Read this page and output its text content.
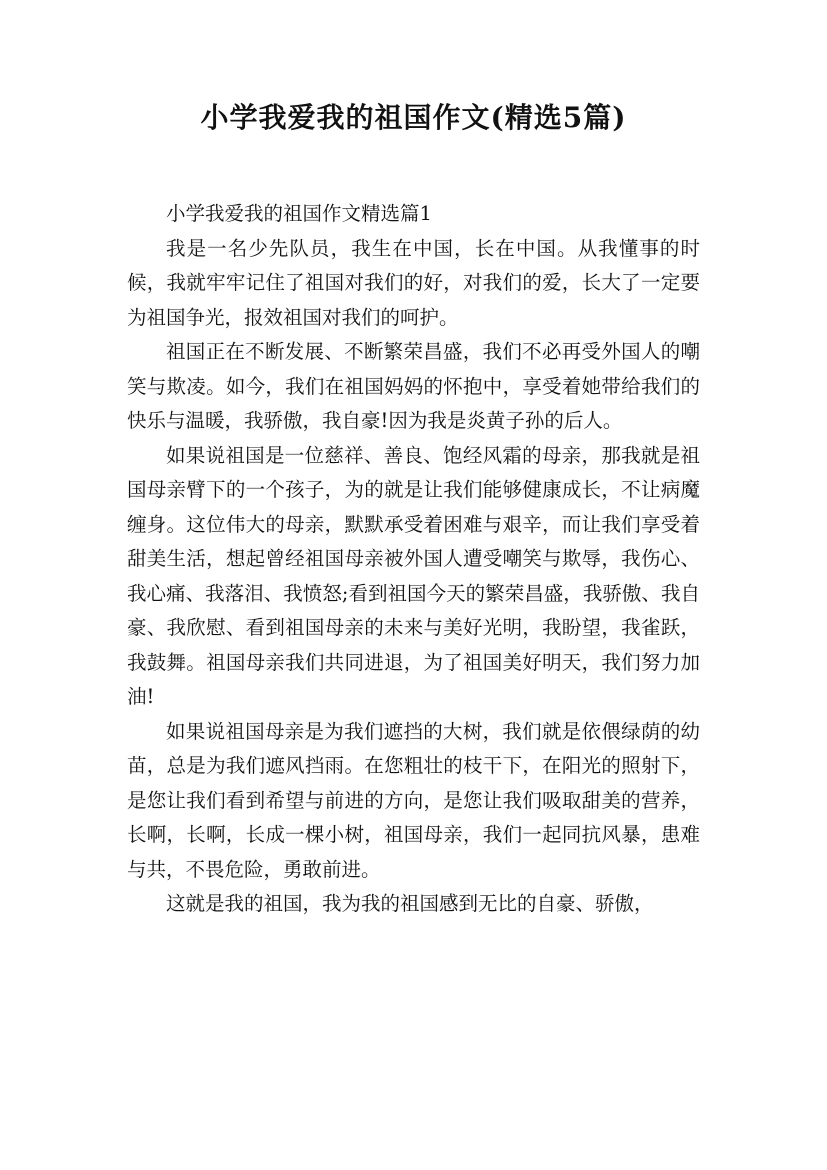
小学我爱我的祖国作文(精选5篇)

小学我爱我的祖国作文精选篇1

我是一名少先队员，我生在中国，长在中国。从我懂事的时候，我就牢牢记住了祖国对我们的好，对我们的爱，长大了一定要为祖国争光，报效祖国对我们的呵护。

祖国正在不断发展、不断繁荣昌盛，我们不必再受外国人的嘲笑与欺凌。如今，我们在祖国妈妈的怀抱中，享受着她带给我们的快乐与温暖，我骄傲，我自豪!因为我是炎黄子孙的后人。

如果说祖国是一位慈祥、善良、饱经风霜的母亲，那我就是祖国母亲臂下的一个孩子，为的就是让我们能够健康成长，不让病魔缠身。这位伟大的母亲，默默承受着困难与艰辛，而让我们享受着甜美生活，想起曾经祖国母亲被外国人遭受嘲笑与欺辱，我伤心、我心痛、我落泪、我愤怒;看到祖国今天的繁荣昌盛，我骄傲、我自豪、我欣慰、看到祖国母亲的未来与美好光明，我盼望，我雀跃，我鼓舞。祖国母亲我们共同进退，为了祖国美好明天，我们努力加油!

如果说祖国母亲是为我们遮挡的大树，我们就是依偎绿荫的幼苗，总是为我们遮风挡雨。在您粗壮的枝干下，在阳光的照射下，是您让我们看到希望与前进的方向，是您让我们吸取甜美的营养，长啊，长啊，长成一棵小树，祖国母亲，我们一起同抗风暴，患难与共，不畏危险，勇敢前进。

这就是我的祖国，我为我的祖国感到无比的自豪、骄傲，
